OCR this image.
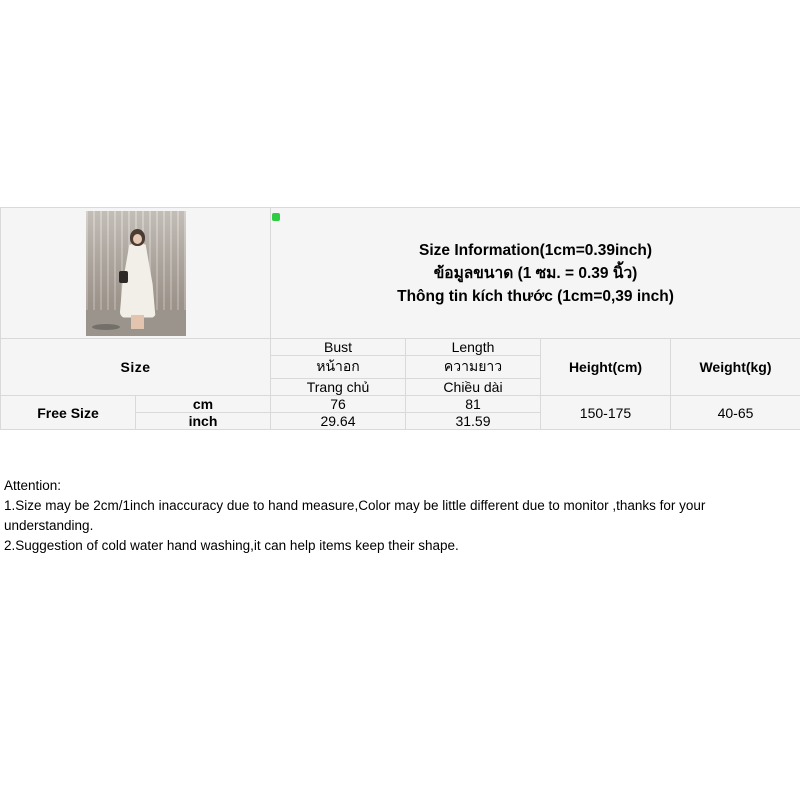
		Size Information(1cm=0.39inch)
ข้อมูลขนาด (1 ซม. = 0.39 นิ้ว)
Thông tin kích thước (1cm=0,39 inch)			

Size		Bust	Length	Height(cm)	Weight(kg)
		หน้าอก	ความยาว		
		Trang chủ	Chiều dài		
Free Size	cm	76	81	150-175	40-65
	inch	29.64	31.59		
Attention:
1.Size may be 2cm/1inch inaccuracy due to hand measure,Color may be little different due to monitor ,thanks for your understanding.
2.Suggestion of cold water hand washing,it can help items keep their shape.
